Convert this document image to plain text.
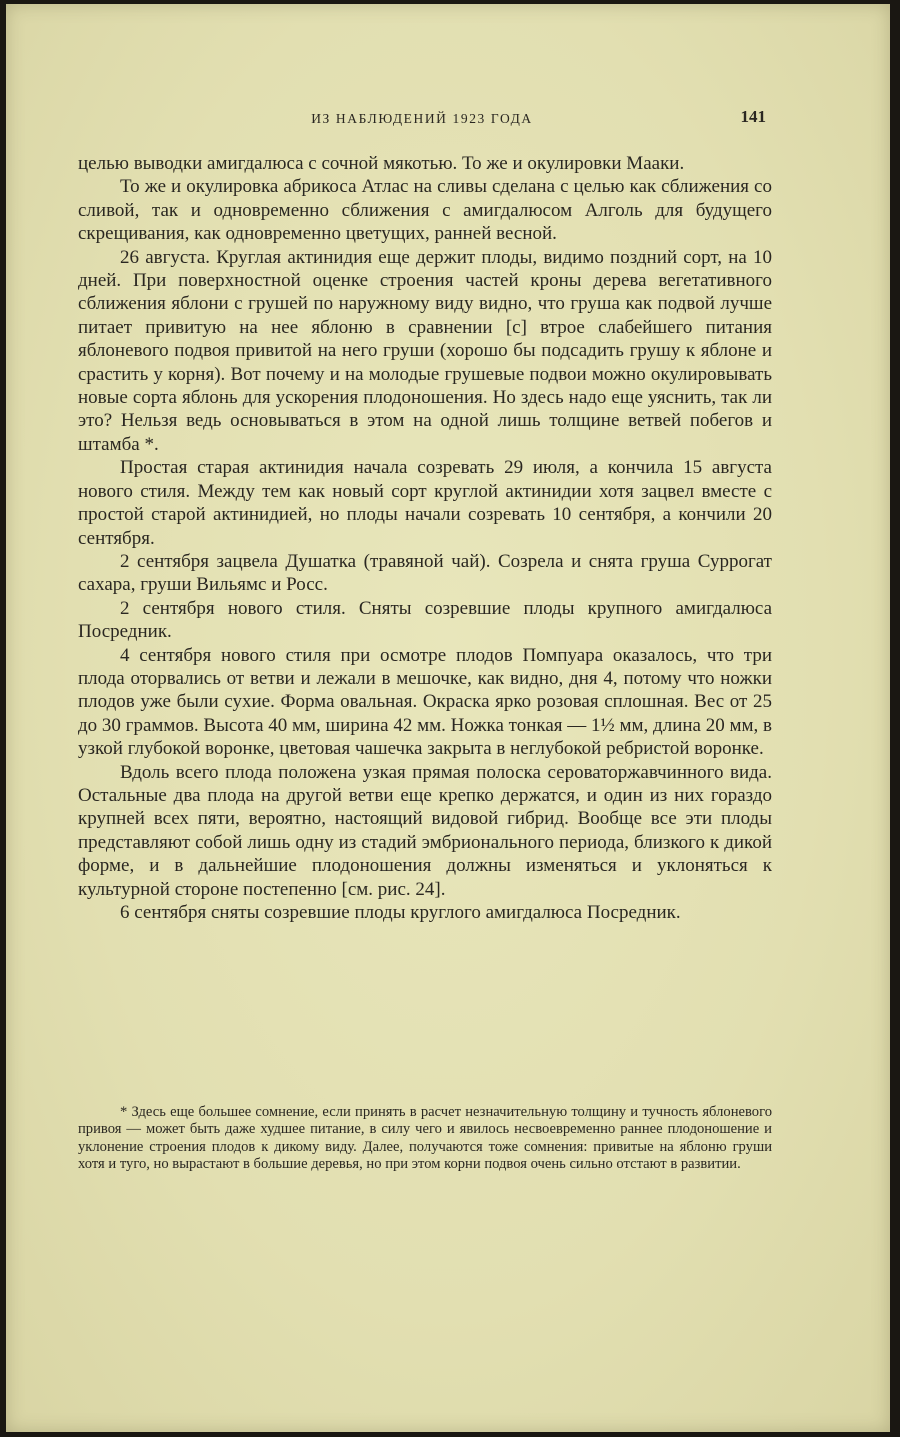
ИЗ НАБЛЮДЕНИЙ 1923 ГОДА	141

целью выводки амигдалюса с сочной мякотью. То же и окулировки Мааки.

То же и окулировка абрикоса Атлас на сливы сделана с целью как сближения со сливой, так и одновременно сближения с амигдалюсом Алголь для будущего скрещивания, как одновременно цветущих, ранней весной.

26 августа. Круглая актинидия еще держит плоды, видимо поздний сорт, на 10 дней. При поверхностной оценке строения частей кроны дерева вегетативного сближения яблони с грушей по наружному виду видно, что груша как подвой лучше питает привитую на нее яблоню в сравнении [с] втрое слабейшего питания яблоневого подвоя привитой на него груши (хорошо бы подсадить грушу к яблоне и срастить у корня). Вот почему и на молодые грушевые подвои можно окулировывать новые сорта яблонь для ускорения плодоношения. Но здесь надо еще уяснить, так ли это? Нельзя ведь основываться в этом на одной лишь толщине ветвей побегов и штамба *.

Простая старая актинидия начала созревать 29 июля, а кончила 15 августа нового стиля. Между тем как новый сорт круглой актинидии хотя зацвел вместе с простой старой актинидией, но плоды начали созревать 10 сентября, а кончили 20 сентября.

2 сентября зацвела Душатка (травяной чай). Созрела и снята груша Суррогат сахара, груши Вильямс и Росс.

2 сентября нового стиля. Сняты созревшие плоды крупного амигдалюса Посредник.

4 сентября нового стиля при осмотре плодов Помпуара оказалось, что три плода оторвались от ветви и лежали в мешочке, как видно, дня 4, потому что ножки плодов уже были сухие. Форма овальная. Окраска ярко розовая сплошная. Вес от 25 до 30 граммов. Высота 40 мм, ширина 42 мм. Ножка тонкая — 1½ мм, длина 20 мм, в узкой глубокой воронке, цветовая чашечка закрыта в неглубокой ребристой воронке.

Вдоль всего плода положена узкая прямая полоска сероваторжавчинного вида. Остальные два плода на другой ветви еще крепко держатся, и один из них гораздо крупней всех пяти, вероятно, настоящий видовой гибрид. Вообще все эти плоды представляют собой лишь одну из стадий эмбрионального периода, близкого к дикой форме, и в дальнейшие плодоношения должны изменяться и уклоняться к культурной стороне постепенно [см. рис. 24].

6 сентября сняты созревшие плоды круглого амигдалюса Посредник.

* Здесь еще большее сомнение, если принять в расчет незначительную толщину и тучность яблоневого привоя — может быть даже худшее питание, в силу чего и явилось несвоевременно раннее плодоношение и уклонение строения плодов к дикому виду. Далее, получаются тоже сомнения: привитые на яблоню груши хотя и туго, но вырастают в большие деревья, но при этом корни подвоя очень сильно отстают в развитии.
